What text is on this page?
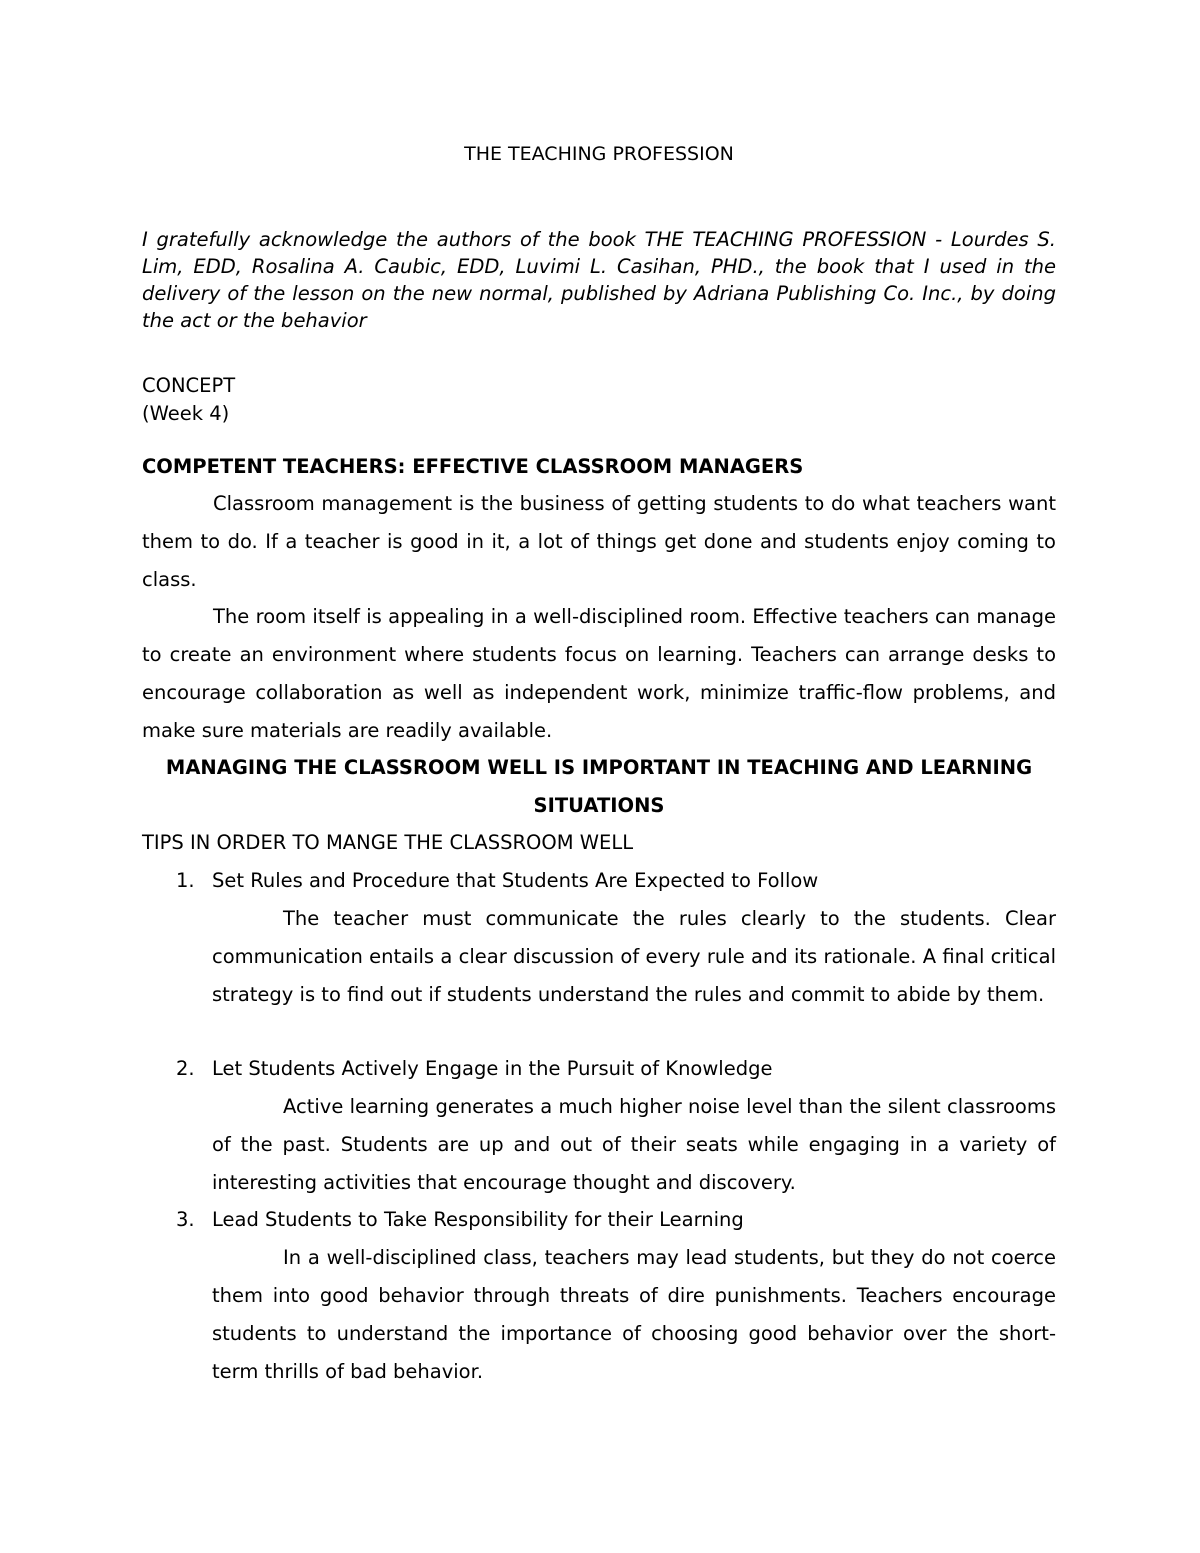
THE TEACHING PROFESSION
I gratefully acknowledge the authors of the book THE TEACHING PROFESSION - Lourdes S. Lim, EDD, Rosalina A. Caubic, EDD, Luvimi L. Casihan, PHD., the book that I used in the delivery of the lesson on the new normal, published by Adriana Publishing Co. Inc., by doing the act or the behavior
CONCEPT
(Week 4)
COMPETENT TEACHERS: EFFECTIVE CLASSROOM MANAGERS
Classroom management is the business of getting students to do what teachers want them to do. If a teacher is good in it, a lot of things get done and students enjoy coming to class.
The room itself is appealing in a well-disciplined room. Effective teachers can manage to create an environment where students focus on learning. Teachers can arrange desks to encourage collaboration as well as independent work, minimize traffic-flow problems, and make sure materials are readily available.
MANAGING THE CLASSROOM WELL IS IMPORTANT IN TEACHING AND LEARNING SITUATIONS
TIPS IN ORDER TO MANGE THE CLASSROOM WELL
1. Set Rules and Procedure that Students Are Expected to Follow
The teacher must communicate the rules clearly to the students. Clear communication entails a clear discussion of every rule and its rationale. A final critical strategy is to find out if students understand the rules and commit to abide by them.
2. Let Students Actively Engage in the Pursuit of Knowledge
Active learning generates a much higher noise level than the silent classrooms of the past. Students are up and out of their seats while engaging in a variety of interesting activities that encourage thought and discovery.
3. Lead Students to Take Responsibility for their Learning
In a well-disciplined class, teachers may lead students, but they do not coerce them into good behavior through threats of dire punishments. Teachers encourage students to understand the importance of choosing good behavior over the short-term thrills of bad behavior.
